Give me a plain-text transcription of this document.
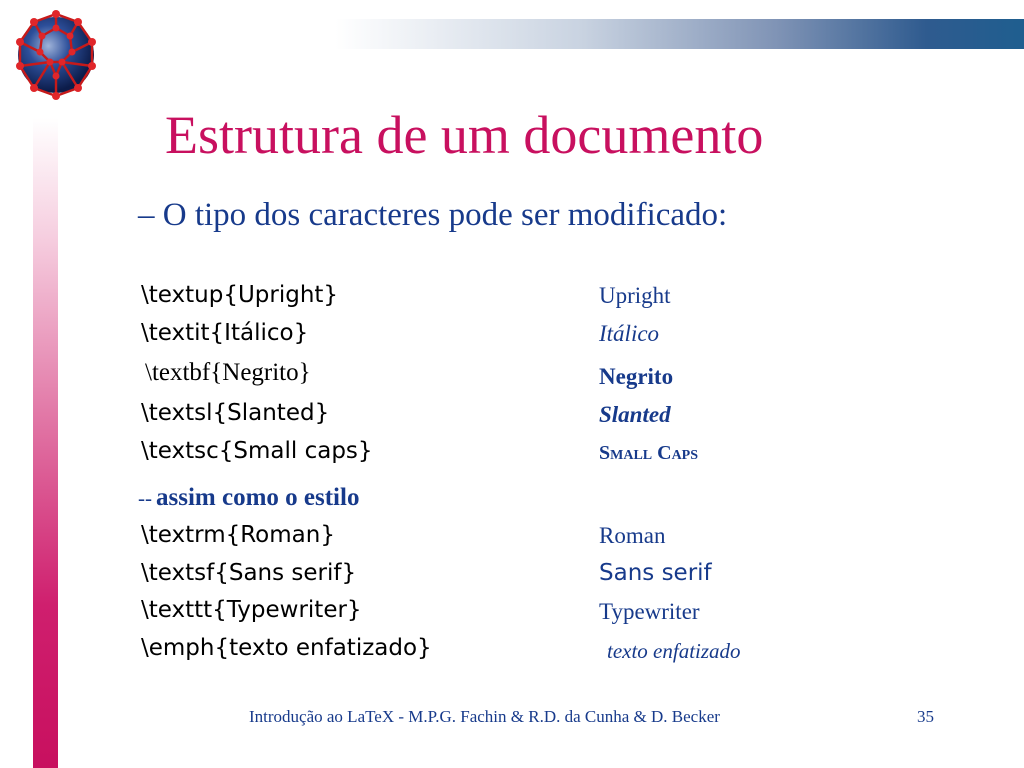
Estrutura de um documento

– O tipo dos caracteres pode ser modificado:

\textup{Upright}	Upright
\textit{Itálico}	Itálico
\textbf{Negrito}	Negrito
\textsl{Slanted}	Slanted
\textsc{Small caps}	Small Caps
-- assim como o estilo
\textrm{Roman}	Roman
\textsf{Sans serif}	Sans serif
\texttt{Typewriter}	Typewriter
\emph{texto enfatizado}	texto enfatizado
Introdução ao LaTeX - M.P.G. Fachin & R.D. da Cunha & D. Becker	35
